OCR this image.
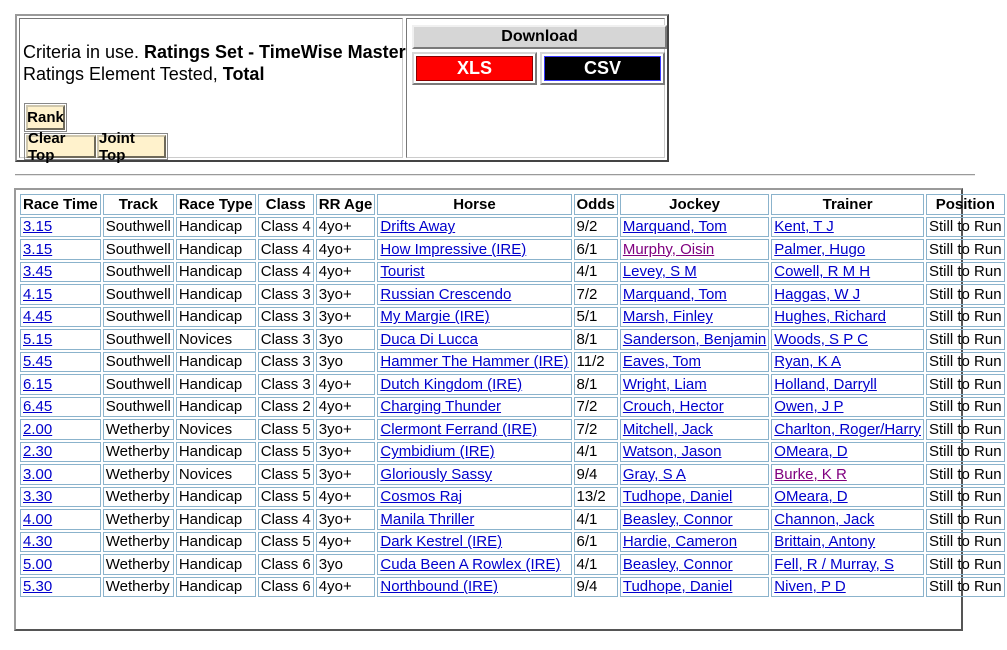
Criteria in use. Ratings Set - TimeWise Master
Ratings Element Tested, Total
Rank
Clear Top
Joint Top
Download
XLS	CSV
Race Time	Track	Race Type	Class	RR Age	Horse	Odds	Jockey	Trainer	Position
3.15	Southwell	Handicap	Class 4	4yo+	Drifts Away	9/2	Marquand, Tom	Kent, T J	Still to Run
3.15	Southwell	Handicap	Class 4	4yo+	How Impressive (IRE)	6/1	Murphy, Oisin	Palmer, Hugo	Still to Run
3.45	Southwell	Handicap	Class 4	4yo+	Tourist	4/1	Levey, S M	Cowell, R M H	Still to Run
4.15	Southwell	Handicap	Class 3	3yo+	Russian Crescendo	7/2	Marquand, Tom	Haggas, W J	Still to Run
4.45	Southwell	Handicap	Class 3	3yo+	My Margie (IRE)	5/1	Marsh, Finley	Hughes, Richard	Still to Run
5.15	Southwell	Novices	Class 3	3yo	Duca Di Lucca	8/1	Sanderson, Benjamin	Woods, S P C	Still to Run
5.45	Southwell	Handicap	Class 3	3yo	Hammer The Hammer (IRE)	11/2	Eaves, Tom	Ryan, K A	Still to Run
6.15	Southwell	Handicap	Class 3	4yo+	Dutch Kingdom (IRE)	8/1	Wright, Liam	Holland, Darryll	Still to Run
6.45	Southwell	Handicap	Class 2	4yo+	Charging Thunder	7/2	Crouch, Hector	Owen, J P	Still to Run
2.00	Wetherby	Novices	Class 5	3yo+	Clermont Ferrand (IRE)	7/2	Mitchell, Jack	Charlton, Roger/Harry	Still to Run
2.30	Wetherby	Handicap	Class 5	3yo+	Cymbidium (IRE)	4/1	Watson, Jason	OMeara, D	Still to Run
3.00	Wetherby	Novices	Class 5	3yo+	Gloriously Sassy	9/4	Gray, S A	Burke, K R	Still to Run
3.30	Wetherby	Handicap	Class 5	4yo+	Cosmos Raj	13/2	Tudhope, Daniel	OMeara, D	Still to Run
4.00	Wetherby	Handicap	Class 4	3yo+	Manila Thriller	4/1	Beasley, Connor	Channon, Jack	Still to Run
4.30	Wetherby	Handicap	Class 5	4yo+	Dark Kestrel (IRE)	6/1	Hardie, Cameron	Brittain, Antony	Still to Run
5.00	Wetherby	Handicap	Class 6	3yo	Cuda Been A Rowlex (IRE)	4/1	Beasley, Connor	Fell, R / Murray, S	Still to Run
5.30	Wetherby	Handicap	Class 6	4yo+	Northbound (IRE)	9/4	Tudhope, Daniel	Niven, P D	Still to Run
